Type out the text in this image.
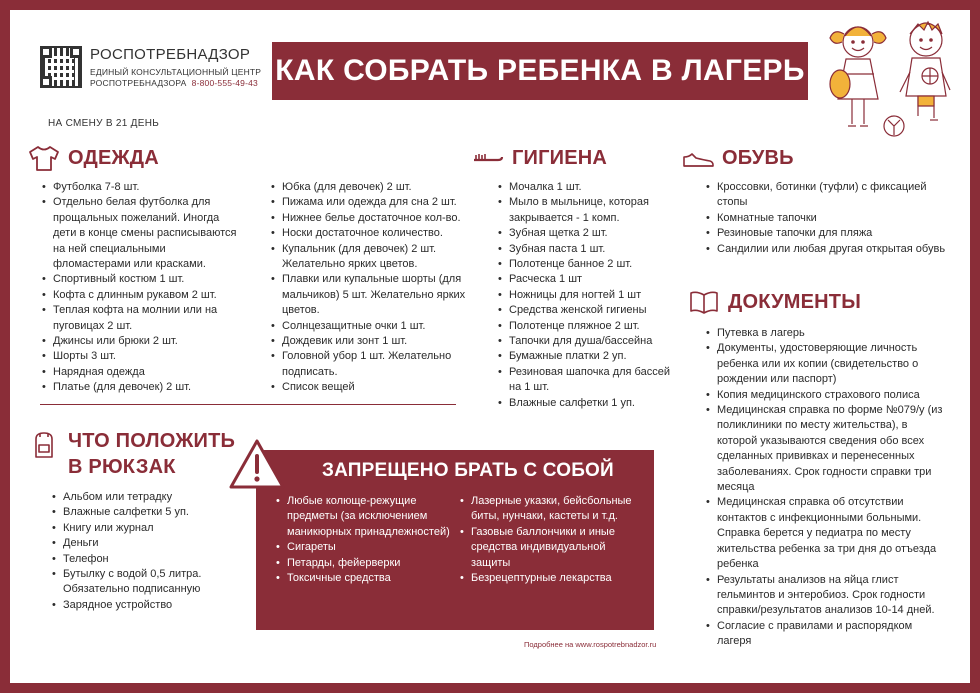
РОСПОТРЕБНАДЗОР
ЕДИНЫЙ КОНСУЛЬТАЦИОННЫЙ ЦЕНТР
РОСПОТРЕБНАДЗОРА 8-800-555-49-43 КАК СОБРАТЬ РЕБЕНКА В ЛАГЕРЬ
НА СМЕНУ В 21 ДЕНЬ
ОДЕЖДА
• Футболка 7-8 шт.
• Отдельно белая футболка для прощальных пожеланий. Иногда дети в конце смены расписываются на ней специальными фломастерами или красками.
• Спортивный костюм 1 шт.
• Кофта с длинным рукавом 2 шт.
• Теплая кофта на молнии или на пуговицах 2 шт.
• Джинсы или брюки 2 шт.
• Шорты 3 шт.
• Нарядная одежда
• Платье (для девочек) 2 шт.
• Юбка (для девочек) 2 шт.
• Пижама или одежда для сна 2 шт.
• Нижнее белье достаточное кол-во.
• Носки достаточное количество.
• Купальник (для девочек) 2 шт. Желательно ярких цветов.
• Плавки или купальные шорты (для мальчиков) 5 шт. Желательно ярких цветов.
• Солнцезащитные очки 1 шт.
• Дождевик или зонт 1 шт.
• Головной убор 1 шт. Желательно подписать.
• Список вещей
ГИГИЕНА
• Мочалка 1 шт.
• Мыло в мыльнице, которая закрывается - 1 комп.
• Зубная щетка 2 шт.
• Зубная паста 1 шт.
• Полотенце банное 2 шт.
• Расческа 1 шт
• Ножницы для ногтей 1 шт
• Средства женской гигиены
• Полотенце пляжное 2 шт.
• Тапочки для душа/бассейна
• Бумажные платки 2 уп.
• Резиновая шапочка для бассей на 1 шт.
• Влажные салфетки 1 уп.
ОБУВЬ
• Кроссовки, ботинки (туфли) с фиксацией стопы
• Комнатные тапочки
• Резиновые тапочки для пляжа
• Сандилии или любая другая открытая обувь
ДОКУМЕНТЫ
• Путевка в лагерь
• Документы, удостоверяющие личность ребенка или их копии (свидетельство о рождении или паспорт)
• Копия медицинского страхового полиса
• Медицинская справка по форме №079/у (из поликлиники по месту жительства), в которой указываются сведения обо всех сделанных прививках и перенесенных заболеваниях. Срок годности справки три месяца
• Медицинская справка об отсутствии контактов с инфекционными больными. Справка берется у педиатра по месту жительства ребенка за три дня до отъезда ребенка
• Результаты анализов на яйца глист гельминтов и энтеробиоз. Срок годности справки/результатов анализов 10-14 дней.
• Согласие с правилами и распорядком лагеря
ЧТО ПОЛОЖИТЬ
В РЮКЗАК
• Альбом или тетрадку
• Влажные салфетки 5 уп.
• Книгу или журнал
• Деньги
• Телефон
• Бутылку с водой 0,5 литра. Обязательно подписанную
• Зарядное устройство
ЗАПРЕЩЕНО БРАТЬ С СОБОЙ
• Любые колюще-режущие предметы (за исключением маникюрных принадлежностей)
• Сигареты
• Петарды, фейерверки
• Токсичные средства
• Лазерные указки, бейсбольные биты, нунчаки, кастеты и т.д.
• Газовые баллончики и иные средства индивидуальной защиты
• Безрецептурные лекарства
Подробнее на www.rospotrebnadzor.ru
